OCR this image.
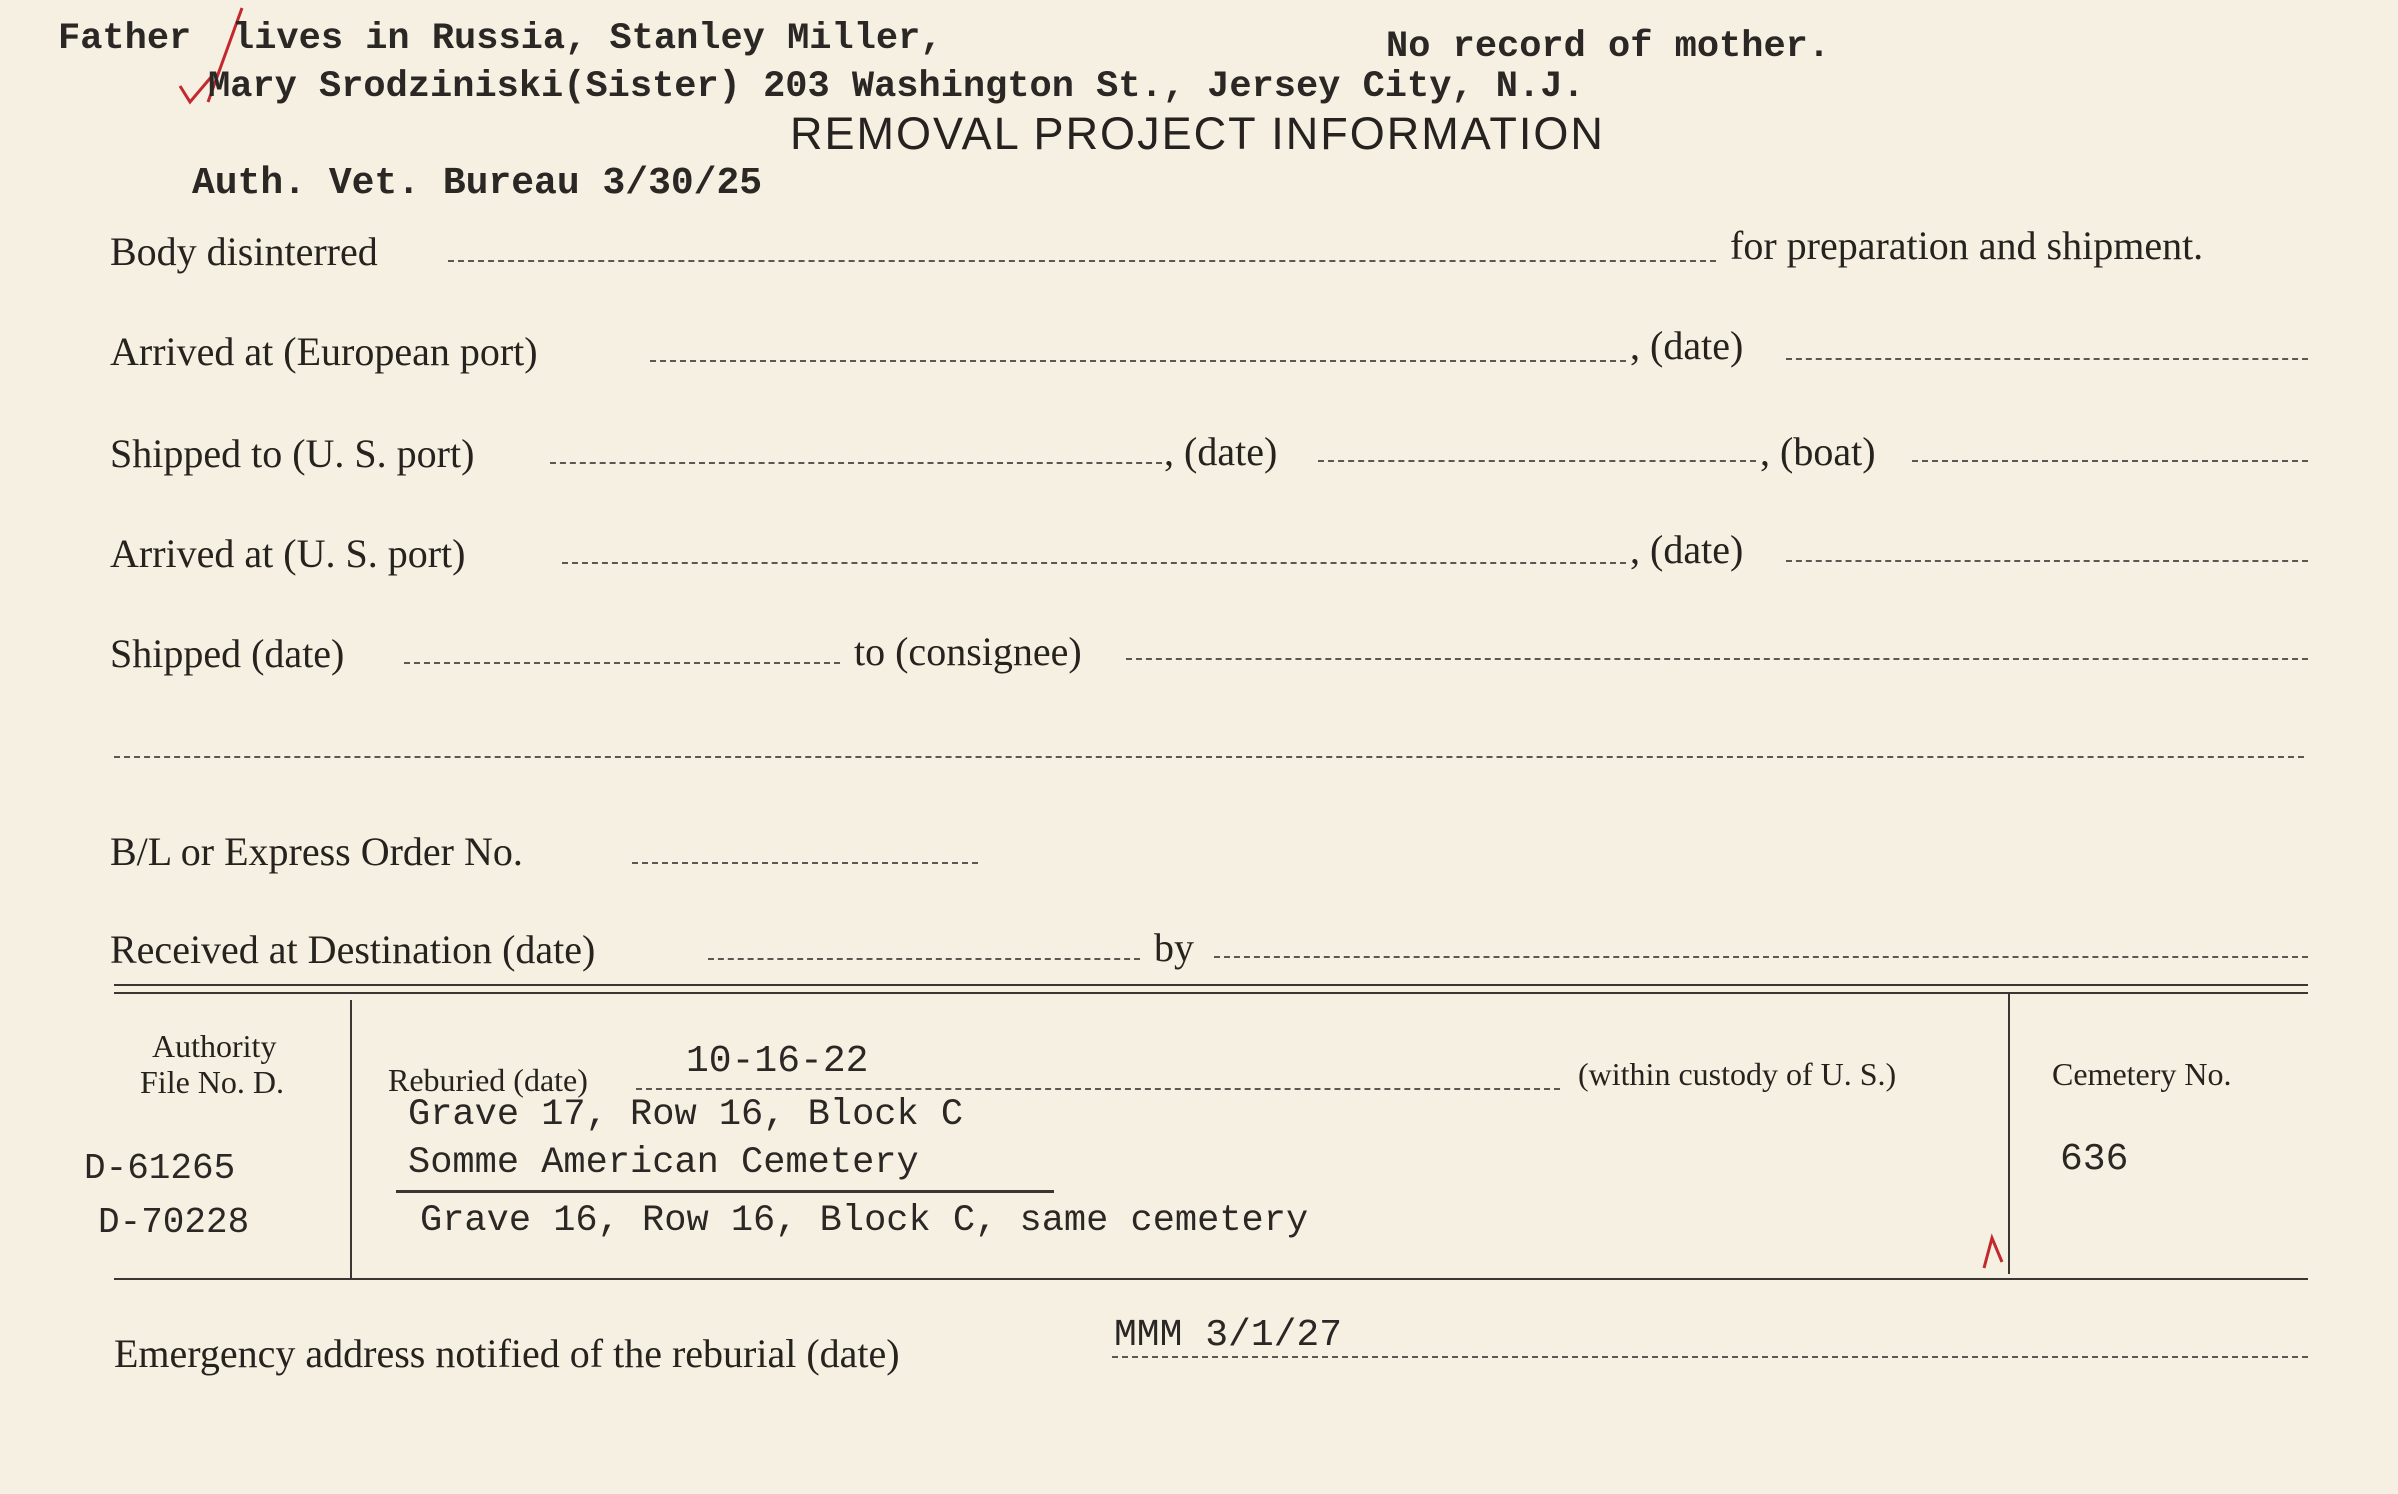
Father lives in Russia, Stanley Miller,	No record of mother.
Mary Srodziniski(Sister) 203 Washington St., Jersey City, N.J.
REMOVAL PROJECT INFORMATION
Auth. Vet. Bureau 3/30/25
Body disinterred	for preparation and shipment.
Arrived at (European port)	, (date)
Shipped to (U. S. port)	, (date)	, (boat)
Arrived at (U. S. port)	, (date)
Shipped (date)	to (consignee)
B/L or Express Order No.
Received at Destination (date)	by
Authority
File No. D.
D-61265
D-70228
Reburied (date)	10-16-22	(within custody of U. S.)
Grave 17, Row 16, Block C
Somme American Cemetery
Grave 16, Row 16, Block C, same cemetery
Cemetery No.
636
Emergency address notified of the reburial (date)	MMM 3/1/27
